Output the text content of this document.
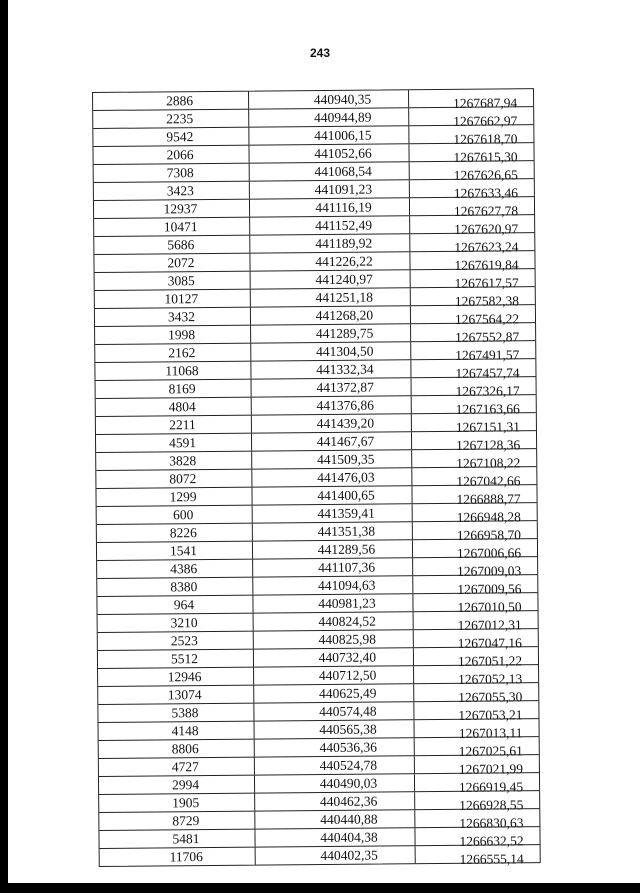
243
2886	440940,35	1267687,94
2235	440944,89	1267662,97
9542	441006,15	1267618,70
2066	441052,66	1267615,30
7308	441068,54	1267626,65
3423	441091,23	1267633,46
12937	441116,19	1267627,78
10471	441152,49	1267620,97
5686	441189,92	1267623,24
2072	441226,22	1267619,84
3085	441240,97	1267617,57
10127	441251,18	1267582,38
3432	441268,20	1267564,22
1998	441289,75	1267552,87
2162	441304,50	1267491,57
11068	441332,34	1267457,74
8169	441372,87	1267326,17
4804	441376,86	1267163,66
2211	441439,20	1267151,31
4591	441467,67	1267128,36
3828	441509,35	1267108,22
8072	441476,03	1267042,66
1299	441400,65	1266888,77
600	441359,41	1266948,28
8226	441351,38	1266958,70
1541	441289,56	1267006,66
4386	441107,36	1267009,03
8380	441094,63	1267009,56
964	440981,23	1267010,50
3210	440824,52	1267012,31
2523	440825,98	1267047,16
5512	440732,40	1267051,22
12946	440712,50	1267052,13
13074	440625,49	1267055,30
5388	440574,48	1267053,21
4148	440565,38	1267013,11
8806	440536,36	1267025,61
4727	440524,78	1267021,99
2994	440490,03	1266919,45
1905	440462,36	1266928,55
8729	440440,88	1266830,63
5481	440404,38	1266632,52
11706	440402,35	1266555,14
